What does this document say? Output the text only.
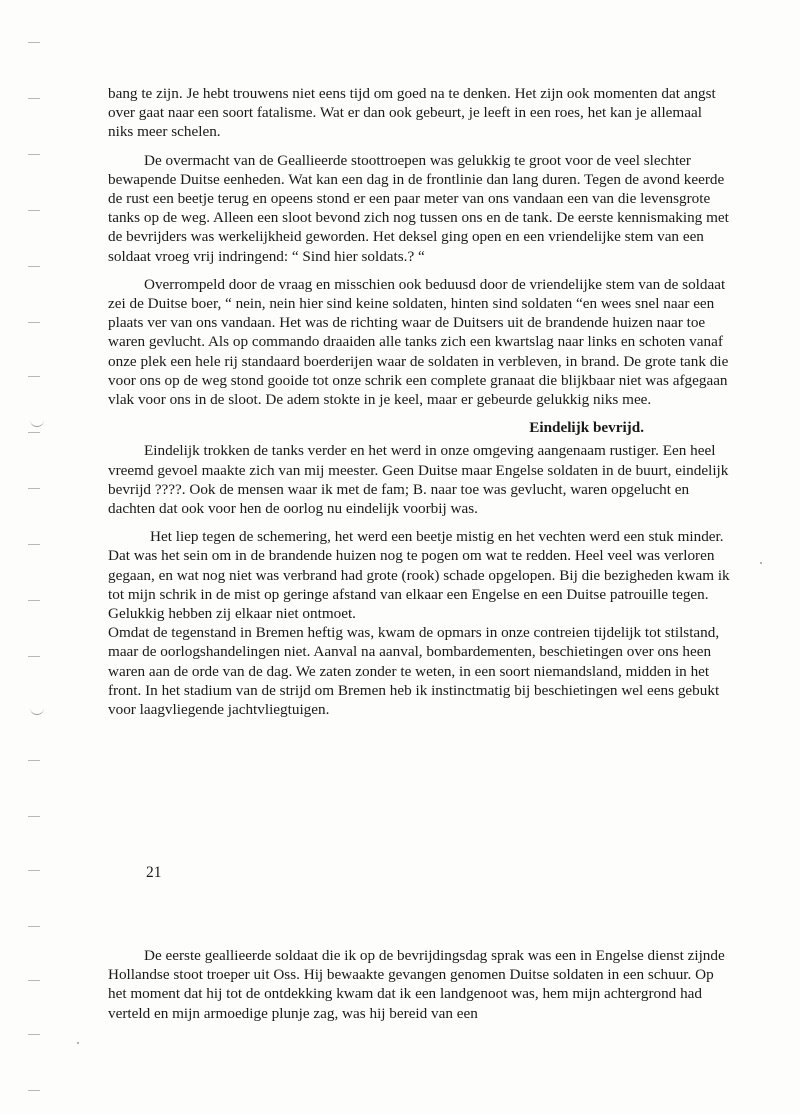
bang te zijn. Je hebt trouwens niet eens tijd om goed na te denken. Het zijn ook momenten dat angst over gaat naar een soort fatalisme. Wat er dan ook gebeurt, je leeft in een roes, het kan je allemaal niks meer schelen.

De overmacht van de Geallieerde stoottroepen was gelukkig te groot voor de veel slechter bewapende Duitse eenheden. Wat kan een dag in de frontlinie dan lang duren. Tegen de avond keerde de rust een beetje terug en opeens stond er een paar meter van ons vandaan een van die levensgrote tanks op de weg. Alleen een sloot bevond zich nog tussen ons en de tank. De eerste kennismaking met de bevrijders was werkelijkheid geworden. Het deksel ging open en een vriendelijke stem van een soldaat vroeg vrij indringend: “ Sind hier soldats.? “

Overrompeld door de vraag en misschien ook beduusd door de vriendelijke stem van de soldaat zei de Duitse boer, “ nein, nein hier sind keine soldaten, hinten sind soldaten “en wees snel naar een plaats ver van ons vandaan. Het was de richting waar de Duitsers uit de brandende huizen naar toe waren gevlucht. Als op commando draaiden alle tanks zich een kwartslag naar links en schoten vanaf onze plek een hele rij standaard boerderijen waar de soldaten in verbleven, in brand. De grote tank die voor ons op de weg stond gooide tot onze schrik een complete granaat die blijkbaar niet was afgegaan vlak voor ons in de sloot. De adem stokte in je keel, maar er gebeurde gelukkig niks mee.

Eindelijk bevrijd.

Eindelijk trokken de tanks verder en het werd in onze omgeving aangenaam rustiger. Een heel vreemd gevoel maakte zich van mij meester. Geen Duitse maar Engelse soldaten in de buurt, eindelijk bevrijd ????. Ook de mensen waar ik met de fam; B. naar toe was gevlucht, waren opgelucht en dachten dat ook voor hen de oorlog nu eindelijk voorbij was.

Het liep tegen de schemering, het werd een beetje mistig en het vechten werd een stuk minder. Dat was het sein om in de brandende huizen nog te pogen om wat te redden. Heel veel was verloren gegaan, en wat nog niet was verbrand had grote (rook) schade opgelopen. Bij die bezigheden kwam ik tot mijn schrik in de mist op geringe afstand van elkaar een Engelse en een Duitse patrouille tegen. Gelukkig hebben zij elkaar niet ontmoet.

Omdat de tegenstand in Bremen heftig was, kwam de opmars in onze contreien tijdelijk tot stilstand, maar de oorlogshandelingen niet. Aanval na aanval, bombardementen, beschietingen over ons heen waren aan de orde van de dag. We zaten zonder te weten, in een soort niemandsland, midden in het front. In het stadium van de strijd om Bremen heb ik instinctmatig bij beschietingen wel eens gebukt voor laagvliegende jachtvliegtuigen.

21

De eerste geallieerde soldaat die ik op de bevrijdingsdag sprak was een in Engelse dienst zijnde Hollandse stoot troeper uit Oss. Hij bewaakte gevangen genomen Duitse soldaten in een schuur. Op het moment dat hij tot de ontdekking kwam dat ik een landgenoot was, hem mijn achtergrond had verteld en mijn armoedige plunje zag, was hij bereid van een
